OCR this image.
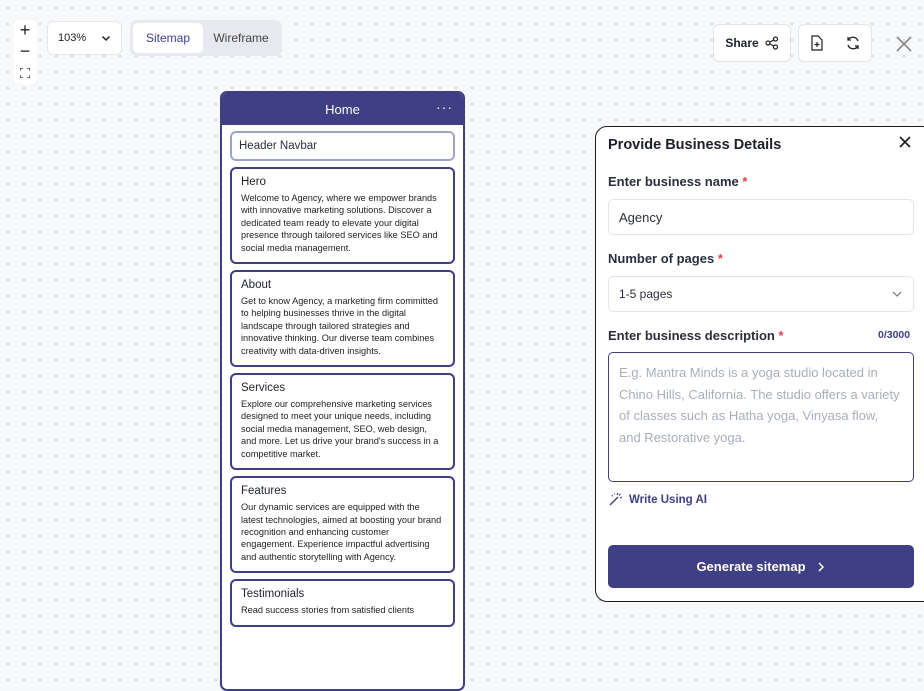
+
−
103%	Sitemap	Wireframe	Share
Home	···
Header Navbar
Hero
Welcome to Agency, where we empower brands with innovative marketing solutions. Discover a dedicated team ready to elevate your digital presence through tailored services like SEO and social media management.
About
Get to know Agency, a marketing firm committed to helping businesses thrive in the digital landscape through tailored strategies and innovative thinking. Our diverse team combines creativity with data-driven insights.
Services
Explore our comprehensive marketing services designed to meet your unique needs, including social media management, SEO, web design, and more. Let us drive your brand's success in a competitive market.
Features
Our dynamic services are equipped with the latest technologies, aimed at boosting your brand recognition and enhancing customer engagement. Experience impactful advertising and authentic storytelling with Agency.
Testimonials
Read success stories from satisfied clients
Provide Business Details
Enter business name *
Agency
Number of pages *
1-5 pages
Enter business description *	0/3000
E.g. Mantra Minds is a yoga studio located in Chino Hills, California. The studio offers a variety of classes such as Hatha yoga, Vinyasa flow, and Restorative yoga.
Write Using AI
Generate sitemap
